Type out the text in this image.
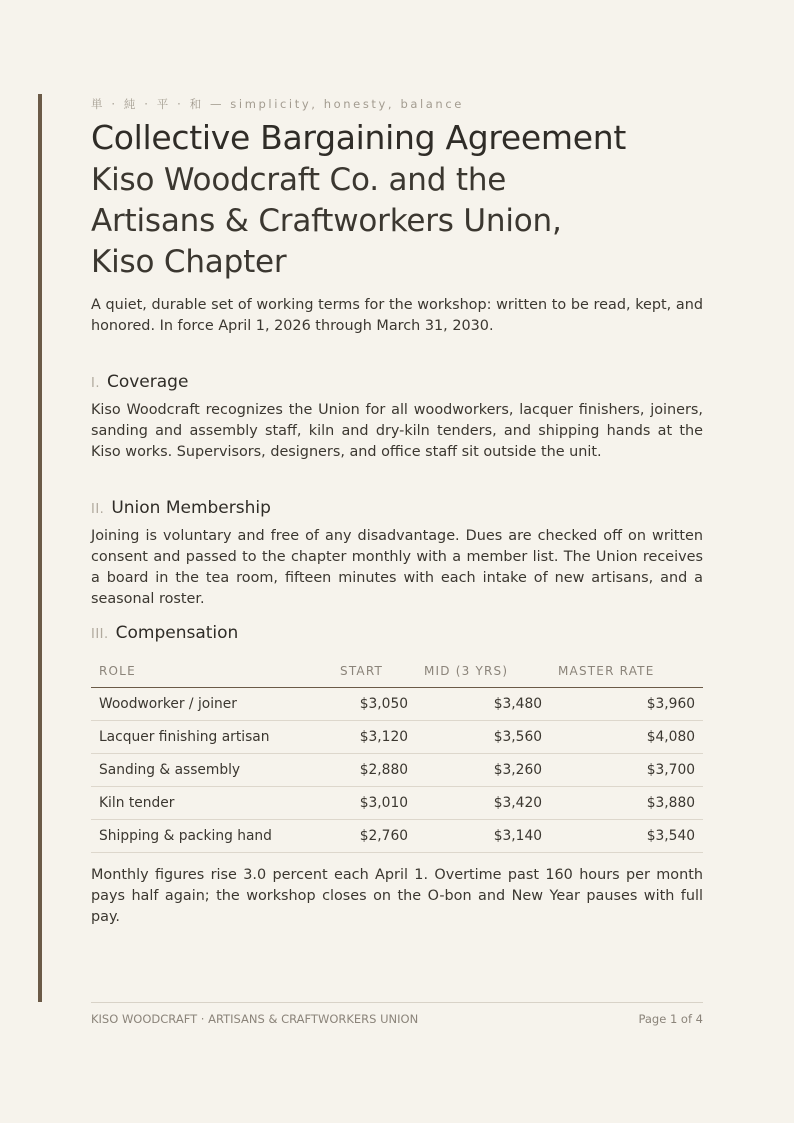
単 · 純 · 平 · 和 — simplicity, honesty, balance
Collective Bargaining Agreement
Kiso Woodcraft Co. and the
Artisans & Craftworkers Union,
Kiso Chapter

A quiet, durable set of working terms for the workshop: written to be read, kept, and honored. In force April 1, 2026 through March 31, 2030.

I. Coverage

Kiso Woodcraft recognizes the Union for all woodworkers, lacquer finishers, joiners, sanding and assembly staff, kiln and dry-kiln tenders, and shipping hands at the Kiso works. Supervisors, designers, and office staff sit outside the unit.

II. Union Membership

Joining is voluntary and free of any disadvantage. Dues are checked off on written consent and passed to the chapter monthly with a member list. The Union receives a board in the tea room, fifteen minutes with each intake of new artisans, and a seasonal roster.

III. Compensation
ROLE	START	MID (3 YRS)	MASTER RATE
Woodworker / joiner	$3,050	$3,480	$3,960
Lacquer finishing artisan	$3,120	$3,560	$4,080
Sanding & assembly	$2,880	$3,260	$3,700
Kiln tender	$3,010	$3,420	$3,880
Shipping & packing hand	$2,760	$3,140	$3,540

Monthly figures rise 3.0 percent each April 1. Overtime past 160 hours per month pays half again; the workshop closes on the O-bon and New Year pauses with full pay.

KISO WOODCRAFT · ARTISANS & CRAFTWORKERS UNION	Page 1 of 4
